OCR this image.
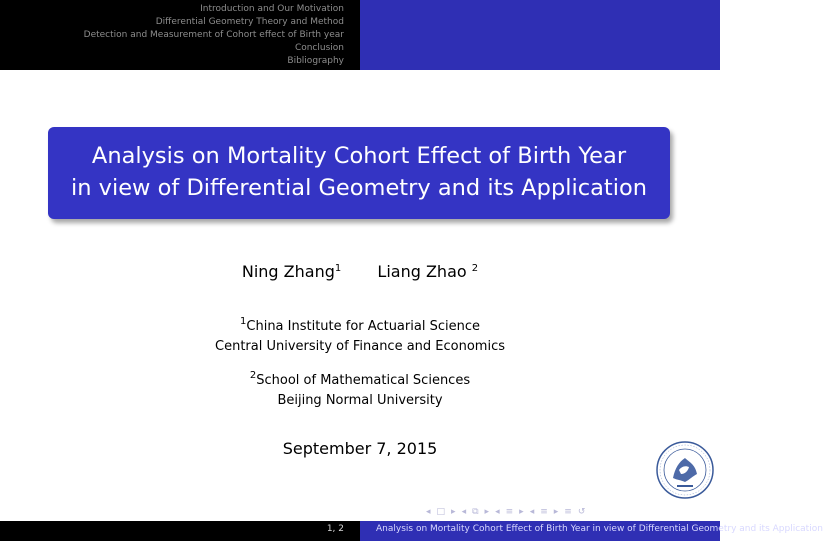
Introduction and Our Motivation
Differential Geometry Theory and Method
Detection and Measurement of Cohort effect of Birth year
Conclusion
Bibliography
Analysis on Mortality Cohort Effect of Birth Year
in view of Differential Geometry and its Application
Ning Zhang$^1$ Liang Zhao $^2$
$^1$China Institute for Actuarial Science
Central University of Finance and Economics
$^2$School of Mathematical Sciences
Beijing Normal University
September 7, 2015
◂ □ ▸ ◂ ⧉ ▸ ◂ ≡ ▸ ◂ ≡ ▸ ≡ ↺
1, 2	Analysis on Mortality Cohort Effect of Birth Year in view of Differential Geometry and its Application
